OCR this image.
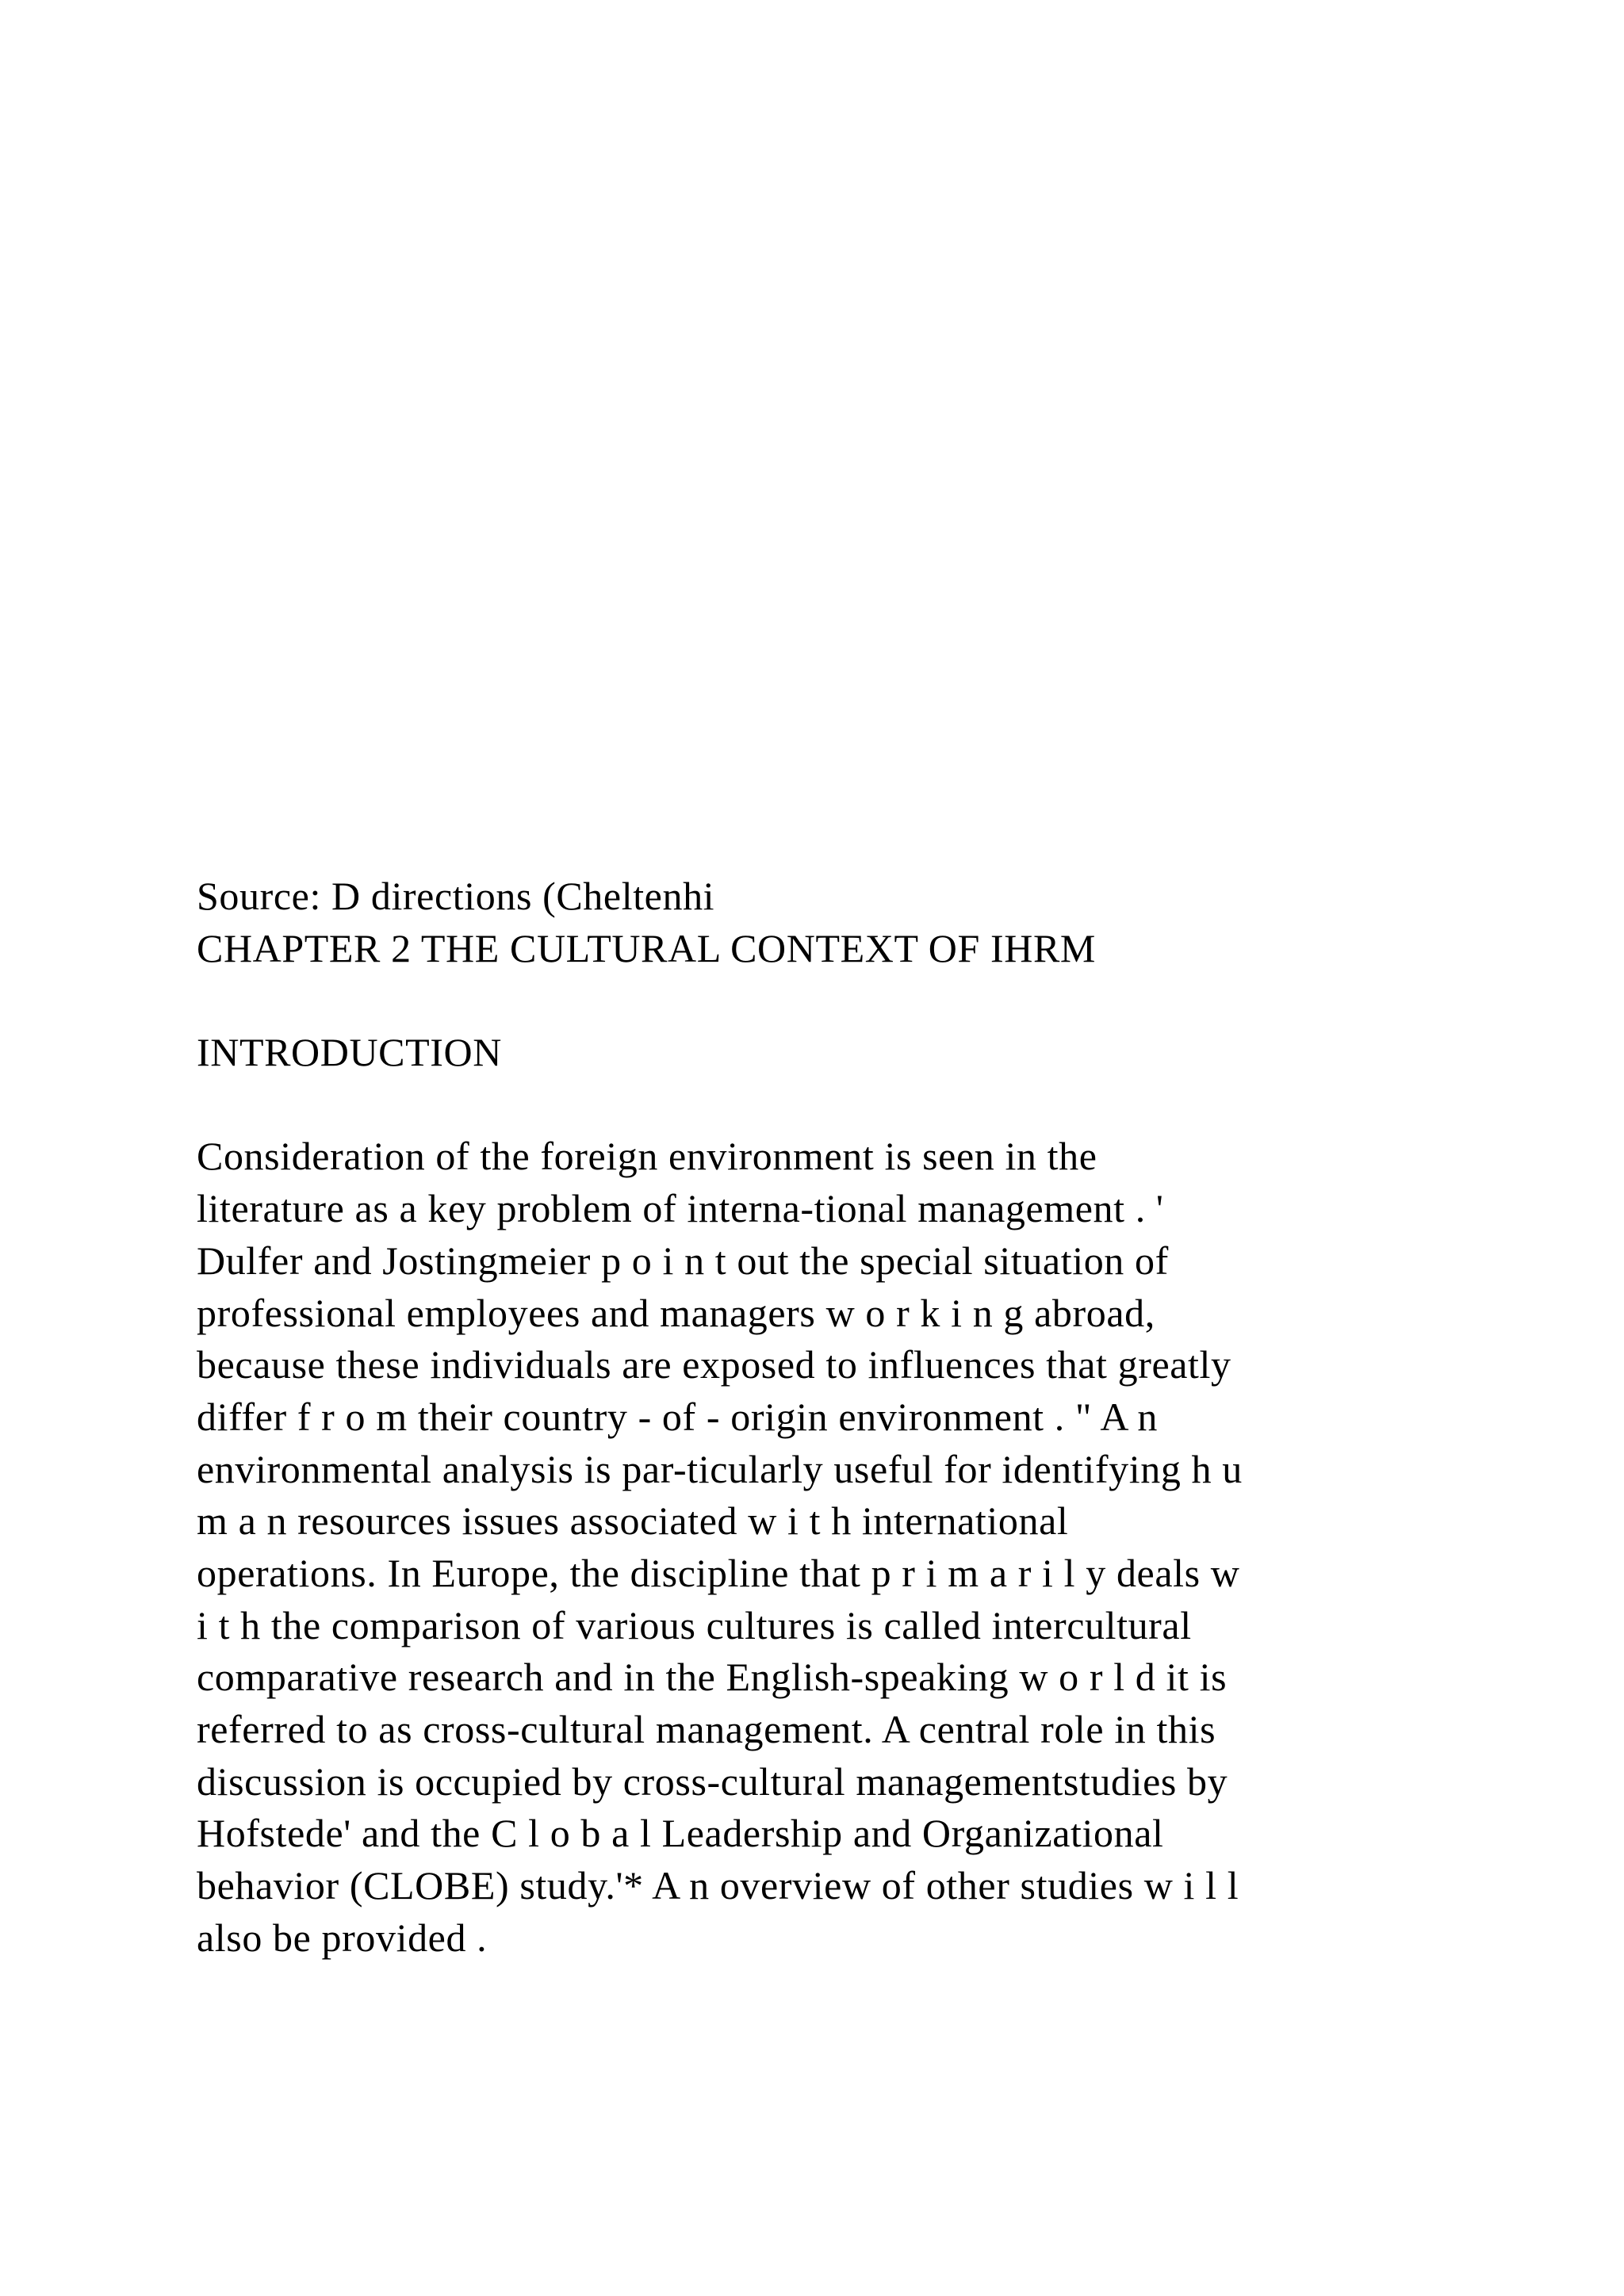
Source: D directions (Cheltenhi
CHAPTER 2 THE CULTURAL CONTEXT OF IHRM
INTRODUCTION
Consideration of the foreign environment is seen in the
literature as a key problem of interna-tional management . '
Dulfer and Jostingmeier p o i n t out the special situation of
professional employees and managers w o r k i n g abroad,
because these individuals are exposed to influences that greatly
differ f r o m their country - of - origin environment . " A n
environmental analysis is par-ticularly useful for identifying h u
m a n resources issues associated w i t h international
operations. In Europe, the discipline that p r i m a r i l y deals w
i t h the comparison of various cultures is called intercultural
comparative research and in the English-speaking w o r l d it is
referred to as cross-cultural management. A central role in this
discussion is occupied by cross-cultural managementstudies by
Hofstede' and the C l o b a l Leadership and Organizational
behavior (CLOBE) study.'* A n overview of other studies w i l l
also be provided .
